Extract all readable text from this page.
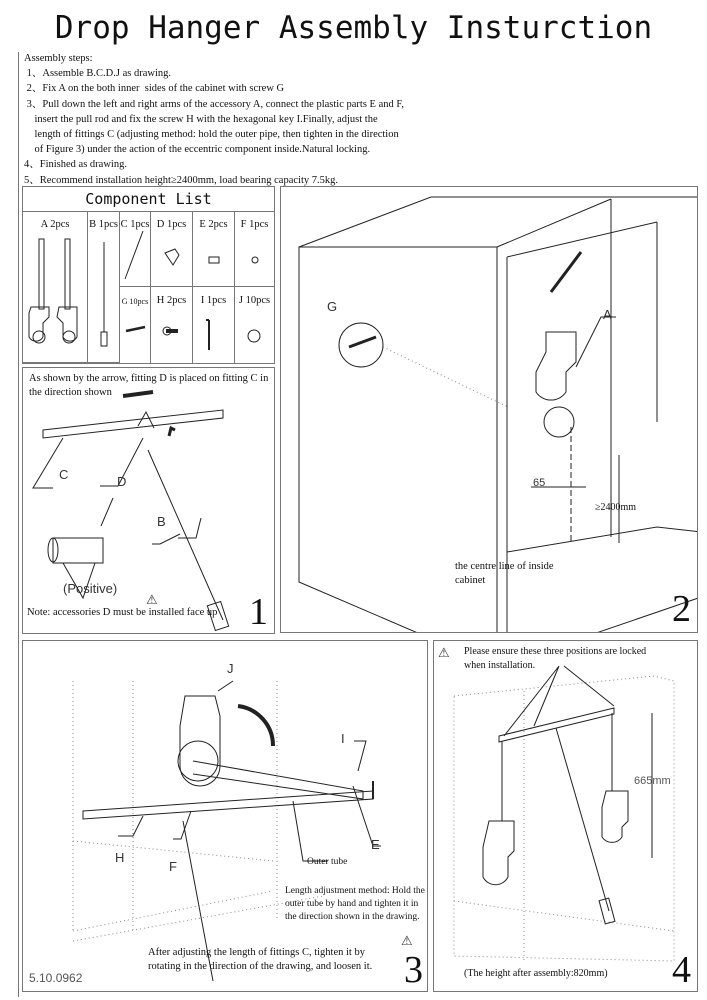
Drop Hanger Assembly Insturction
Assembly steps:
1、Assemble B.C.D.J as drawing.
2、Fix A on the both inner  sides of the cabinet with screw G
3、Pull down the left and right arms of the accessory A, connect the plastic parts E and F,
insert the pull rod and fix the screw H with the hexagonal key I.Finally, adjust the
length of fittings C (adjusting method: hold the outer pipe, then tighten in the direction
of Figure 3) under the action of the eccentric component inside.Natural locking.
4、Finished as drawing.
5、Recommend installation height≥2400mm, load bearing capacity 7.5kg.
Component List
A 2pcs	B 1pcs C 1pcs D 1pcs	E 2pcs	F 1pcs
G 10pcs H 2pcs	I 1pcs	J 10pcs
As shown by the arrow, fitting D is placed on fitting C in the direction shown
C	D
B
(Positive)
⚠
Note: accessories D must be installed face up 1
G
A
65
≥2400mm
the centre line of inside cabinet
2
J
I
E
H
F	Outer tube
Length adjustment method: Hold the outer tube by hand and tighten it in the direction shown in the drawing.
⚠
After adjusting the length of fittings C, tighten it by rotating in the direction of the drawing, and loosen it.
5.10.0962	3
⚠ Please ensure these three positions are locked when installation.
665mm
(The height after assembly:820mm) 4
